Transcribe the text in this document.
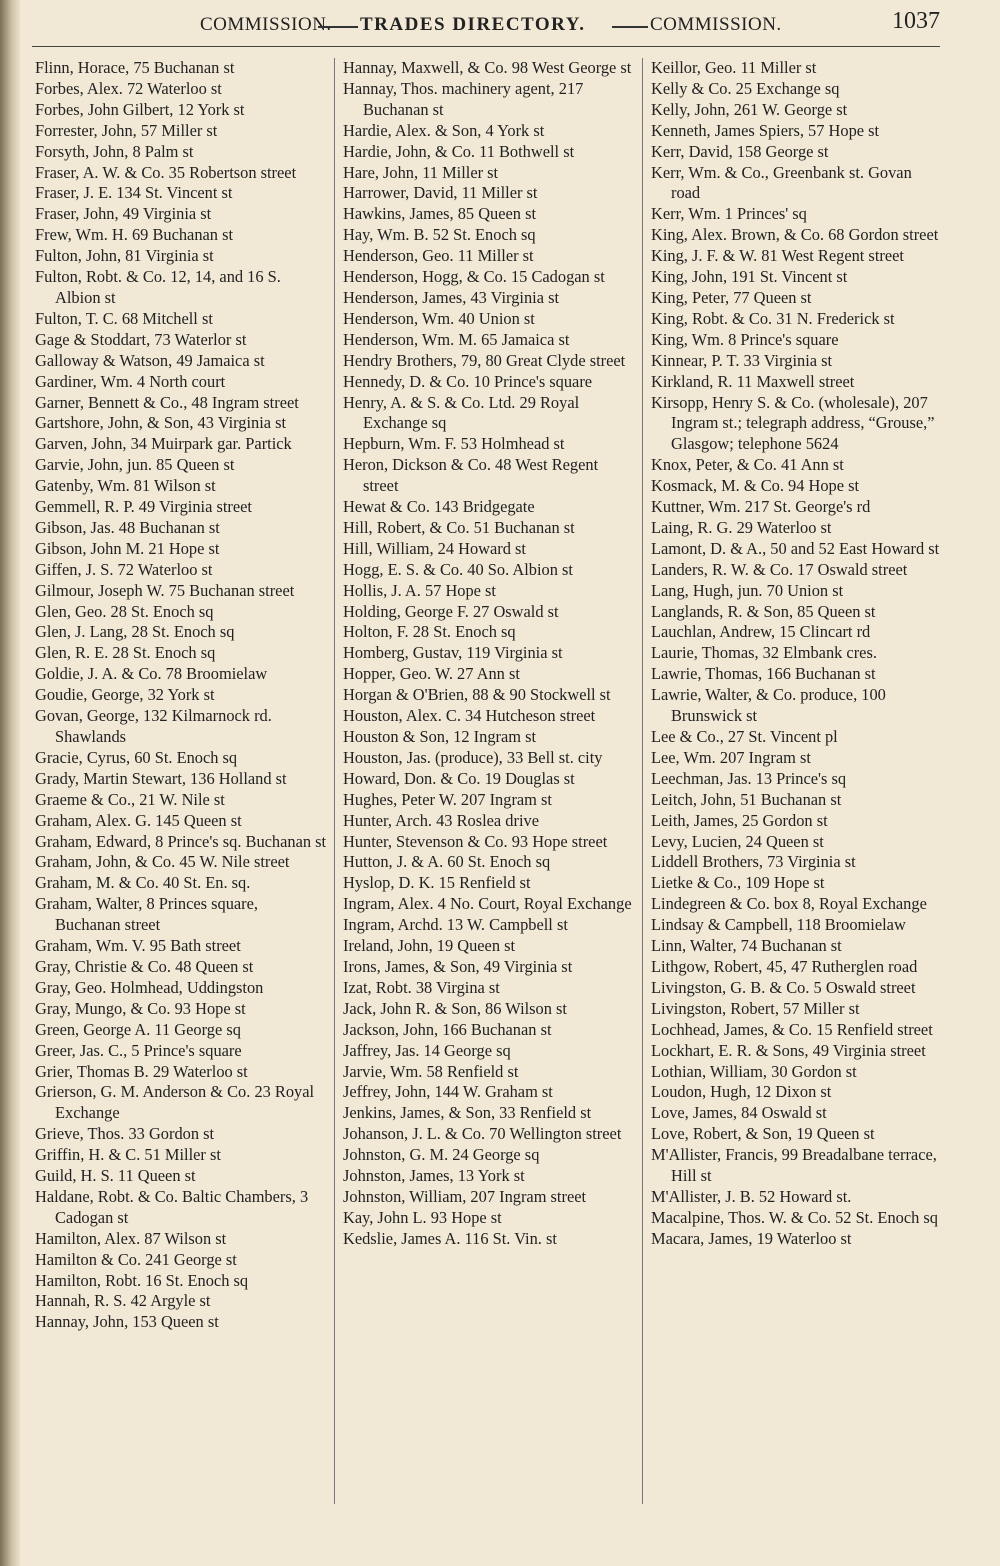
COMMISSION. TRADES DIRECTORY.	COMMISSION.	1037

Flinn, Horace, 75 Buchanan st

Forbes, Alex. 72 Waterloo st

Forbes, John Gilbert, 12 York st

Forrester, John, 57 Miller st

Forsyth, John, 8 Palm st

Fraser, A. W. & Co. 35 Robertson street

Fraser, J. E. 134 St. Vincent st

Fraser, John, 49 Virginia st

Frew, Wm. H. 69 Buchanan st

Fulton, John, 81 Virginia st

Fulton, Robt. & Co. 12, 14, and 16 S. Albion st

Fulton, T. C. 68 Mitchell st

Gage & Stoddart, 73 Waterlor st

Galloway & Watson, 49 Jamaica st

Gardiner, Wm. 4 North court

Garner, Bennett & Co., 48 Ingram street

Gartshore, John, & Son, 43 Virginia st

Garven, John, 34 Muirpark gar. Partick

Garvie, John, jun. 85 Queen st

Gatenby, Wm. 81 Wilson st

Gemmell, R. P. 49 Virginia street

Gibson, Jas. 48 Buchanan st

Gibson, John M. 21 Hope st

Giffen, J. S. 72 Waterloo st

Gilmour, Joseph W. 75 Buchanan street

Glen, Geo. 28 St. Enoch sq

Glen, J. Lang, 28 St. Enoch sq

Glen, R. E. 28 St. Enoch sq

Goldie, J. A. & Co. 78 Broomielaw

Goudie, George, 32 York st

Govan, George, 132 Kilmarnock rd. Shawlands

Gracie, Cyrus, 60 St. Enoch sq

Grady, Martin Stewart, 136 Holland st

Graeme & Co., 21 W. Nile st

Graham, Alex. G. 145 Queen st

Graham, Edward, 8 Prince's sq. Buchanan st

Graham, John, & Co. 45 W. Nile street

Graham, M. & Co. 40 St. En. sq.

Graham, Walter, 8 Princes square, Buchanan street

Graham, Wm. V. 95 Bath street

Gray, Christie & Co. 48 Queen st

Gray, Geo. Holmhead, Uddingston

Gray, Mungo, & Co. 93 Hope st

Green, George A. 11 George sq

Greer, Jas. C., 5 Prince's square

Grier, Thomas B. 29 Waterloo st

Grierson, G. M. Anderson & Co. 23 Royal Exchange

Grieve, Thos. 33 Gordon st

Griffin, H. & C. 51 Miller st

Guild, H. S. 11 Queen st

Haldane, Robt. & Co. Baltic Chambers, 3 Cadogan st

Hamilton, Alex. 87 Wilson st

Hamilton & Co. 241 George st

Hamilton, Robt. 16 St. Enoch sq

Hannah, R. S. 42 Argyle st

Hannay, John, 153 Queen st

Hannay, Maxwell, & Co. 98 West George st

Hannay, Thos. machinery agent, 217 Buchanan st

Hardie, Alex. & Son, 4 York st

Hardie, John, & Co. 11 Bothwell st

Hare, John, 11 Miller st

Harrower, David, 11 Miller st

Hawkins, James, 85 Queen st

Hay, Wm. B. 52 St. Enoch sq

Henderson, Geo. 11 Miller st

Henderson, Hogg, & Co. 15 Cadogan st

Henderson, James, 43 Virginia st

Henderson, Wm. 40 Union st

Henderson, Wm. M. 65 Jamaica st

Hendry Brothers, 79, 80 Great Clyde street

Hennedy, D. & Co. 10 Prince's square

Henry, A. & S. & Co. Ltd. 29 Royal Exchange sq

Hepburn, Wm. F. 53 Holmhead st

Heron, Dickson & Co. 48 West Regent street

Hewat & Co. 143 Bridgegate

Hill, Robert, & Co. 51 Buchanan st

Hill, William, 24 Howard st

Hogg, E. S. & Co. 40 So. Albion st

Hollis, J. A. 57 Hope st

Holding, George F. 27 Oswald st

Holton, F. 28 St. Enoch sq

Homberg, Gustav, 119 Virginia st

Hopper, Geo. W. 27 Ann st

Horgan & O'Brien, 88 & 90 Stockwell st

Houston, Alex. C. 34 Hutcheson street

Houston & Son, 12 Ingram st

Houston, Jas. (produce), 33 Bell st. city

Howard, Don. & Co. 19 Douglas st

Hughes, Peter W. 207 Ingram st

Hunter, Arch. 43 Roslea drive

Hunter, Stevenson & Co. 93 Hope street

Hutton, J. & A. 60 St. Enoch sq

Hyslop, D. K. 15 Renfield st

Ingram, Alex. 4 No. Court, Royal Exchange

Ingram, Archd. 13 W. Campbell st

Ireland, John, 19 Queen st

Irons, James, & Son, 49 Virginia st

Izat, Robt. 38 Virgina st

Jack, John R. & Son, 86 Wilson st

Jackson, John, 166 Buchanan st

Jaffrey, Jas. 14 George sq

Jarvie, Wm. 58 Renfield st

Jeffrey, John, 144 W. Graham st

Jenkins, James, & Son, 33 Renfield st

Johanson, J. L. & Co. 70 Wellington street

Johnston, G. M. 24 George sq

Johnston, James, 13 York st

Johnston, William, 207 Ingram street

Kay, John L. 93 Hope st

Kedslie, James A. 116 St. Vin. st

Keillor, Geo. 11 Miller st

Kelly & Co. 25 Exchange sq

Kelly, John, 261 W. George st

Kenneth, James Spiers, 57 Hope st

Kerr, David, 158 George st

Kerr, Wm. & Co., Greenbank st. Govan road

Kerr, Wm. 1 Princes' sq

King, Alex. Brown, & Co. 68 Gordon street

King, J. F. & W. 81 West Regent street

King, John, 191 St. Vincent st

King, Peter, 77 Queen st

King, Robt. & Co. 31 N. Frederick st

King, Wm. 8 Prince's square

Kinnear, P. T. 33 Virginia st

Kirkland, R. 11 Maxwell street

Kirsopp, Henry S. & Co. (wholesale), 207 Ingram st.; telegraph address, “Grouse,” Glasgow; telephone 5624

Knox, Peter, & Co. 41 Ann st

Kosmack, M. & Co. 94 Hope st

Kuttner, Wm. 217 St. George's rd

Laing, R. G. 29 Waterloo st

Lamont, D. & A., 50 and 52 East Howard st

Landers, R. W. & Co. 17 Oswald street

Lang, Hugh, jun. 70 Union st

Langlands, R. & Son, 85 Queen st

Lauchlan, Andrew, 15 Clincart rd

Laurie, Thomas, 32 Elmbank cres.

Lawrie, Thomas, 166 Buchanan st

Lawrie, Walter, & Co. produce, 100 Brunswick st

Lee & Co., 27 St. Vincent pl

Lee, Wm. 207 Ingram st

Leechman, Jas. 13 Prince's sq

Leitch, John, 51 Buchanan st

Leith, James, 25 Gordon st

Levy, Lucien, 24 Queen st

Liddell Brothers, 73 Virginia st

Lietke & Co., 109 Hope st

Lindegreen & Co. box 8, Royal Exchange

Lindsay & Campbell, 118 Broomielaw

Linn, Walter, 74 Buchanan st

Lithgow, Robert, 45, 47 Rutherglen road

Livingston, G. B. & Co. 5 Oswald street

Livingston, Robert, 57 Miller st

Lochhead, James, & Co. 15 Renfield street

Lockhart, E. R. & Sons, 49 Virginia street

Lothian, William, 30 Gordon st

Loudon, Hugh, 12 Dixon st

Love, James, 84 Oswald st

Love, Robert, & Son, 19 Queen st

M'Allister, Francis, 99 Breadalbane terrace, Hill st

M'Allister, J. B. 52 Howard st.

Macalpine, Thos. W. & Co. 52 St. Enoch sq

Macara, James, 19 Waterloo st
